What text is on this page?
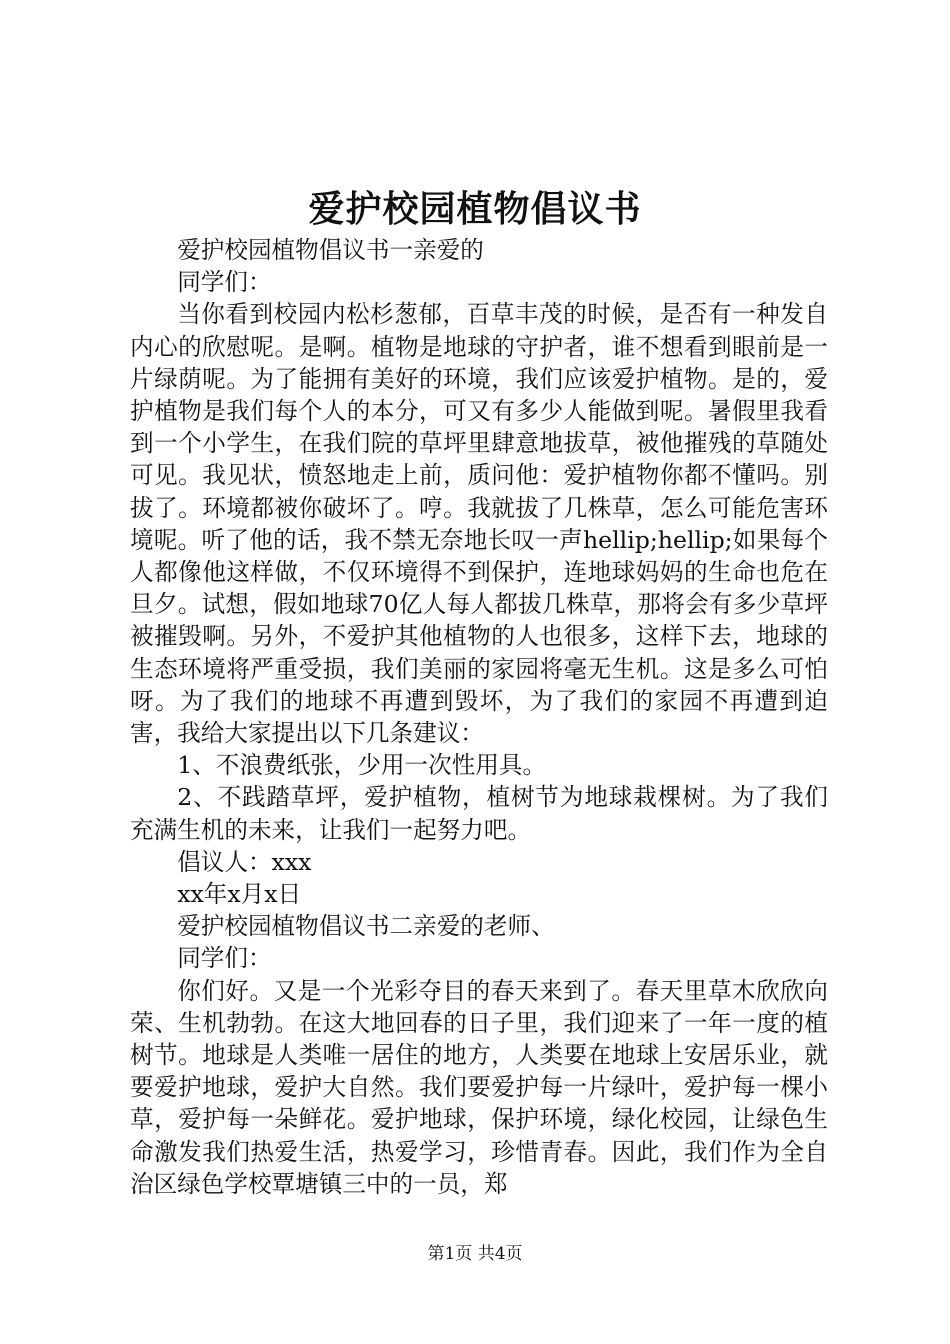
爱护校园植物倡议书

爱护校园植物倡议书一亲爱的

同学们：

当你看到校园内松杉葱郁，百草丰茂的时候，是否有一种发自内心的欣慰呢。是啊。植物是地球的守护者，谁不想看到眼前是一片绿荫呢。为了能拥有美好的环境，我们应该爱护植物。是的，爱护植物是我们每个人的本分，可又有多少人能做到呢。暑假里我看到一个小学生，在我们院的草坪里肆意地拔草，被他摧残的草随处可见。我见状，愤怒地走上前，质问他：爱护植物你都不懂吗。别拔了。环境都被你破坏了。哼。我就拔了几株草，怎么可能危害环境呢。听了他的话，我不禁无奈地长叹一声hellip;hellip;如果每个人都像他这样做，不仅环境得不到保护，连地球妈妈的生命也危在旦夕。试想，假如地球70亿人每人都拔几株草，那将会有多少草坪被摧毁啊。另外，不爱护其他植物的人也很多，这样下去，地球的生态环境将严重受损，我们美丽的家园将毫无生机。这是多么可怕呀。为了我们的地球不再遭到毁坏，为了我们的家园不再遭到迫害，我给大家提出以下几条建议：

1、不浪费纸张，少用一次性用具。

2、不践踏草坪，爱护植物，植树节为地球栽棵树。为了我们充满生机的未来，让我们一起努力吧。

倡议人：xxx

xx年x月x日

爱护校园植物倡议书二亲爱的老师、

同学们：

你们好。又是一个光彩夺目的春天来到了。春天里草木欣欣向荣、生机勃勃。在这大地回春的日子里，我们迎来了一年一度的植树节。地球是人类唯一居住的地方，人类要在地球上安居乐业，就要爱护地球，爱护大自然。我们要爱护每一片绿叶，爱护每一棵小草，爱护每一朵鲜花。爱护地球，保护环境，绿化校园，让绿色生命激发我们热爱生活，热爱学习，珍惜青春。因此，我们作为全自治区绿色学校覃塘镇三中的一员，郑

第1页 共4页
